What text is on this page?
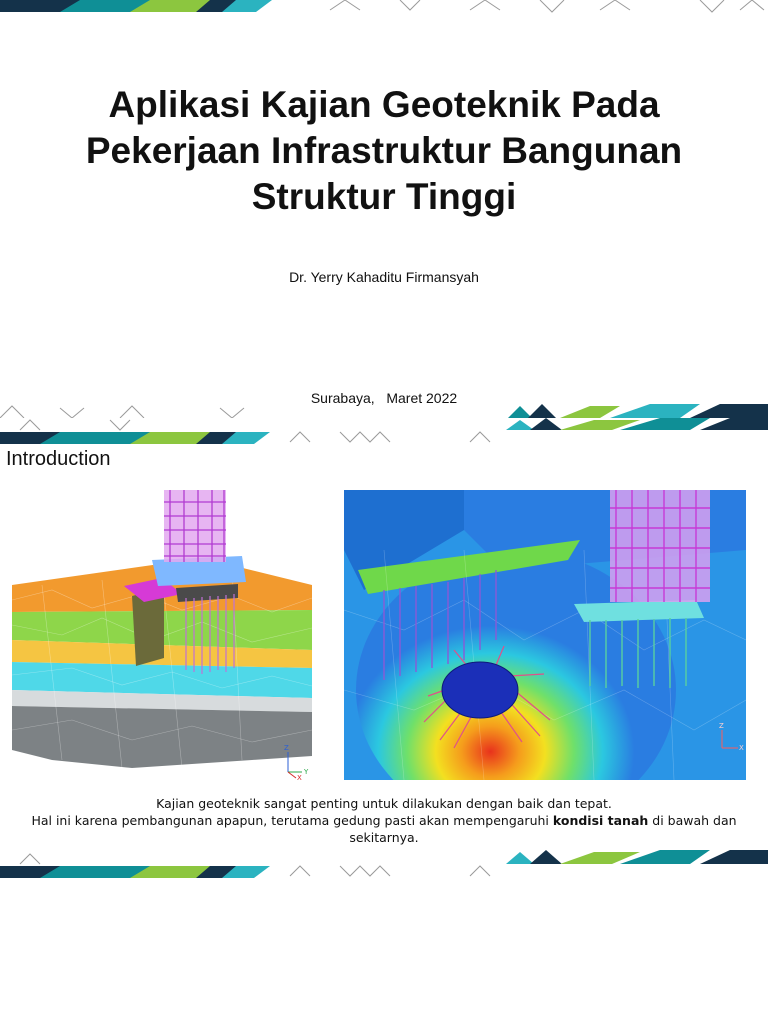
Aplikasi Kajian Geoteknik Pada
Pekerjaan Infrastruktur Bangunan
Struktur Tinggi
Dr. Yerry Kahaditu Firmansyah
Surabaya,   Maret 2022
Introduction
Z
Y
X
Z
X

Kajian geoteknik sangat penting untuk dilakukan dengan baik dan tepat.

Hal ini karena pembangunan apapun, terutama gedung pasti akan mempengaruhi kondisi tanah di bawah dan sekitarnya.
